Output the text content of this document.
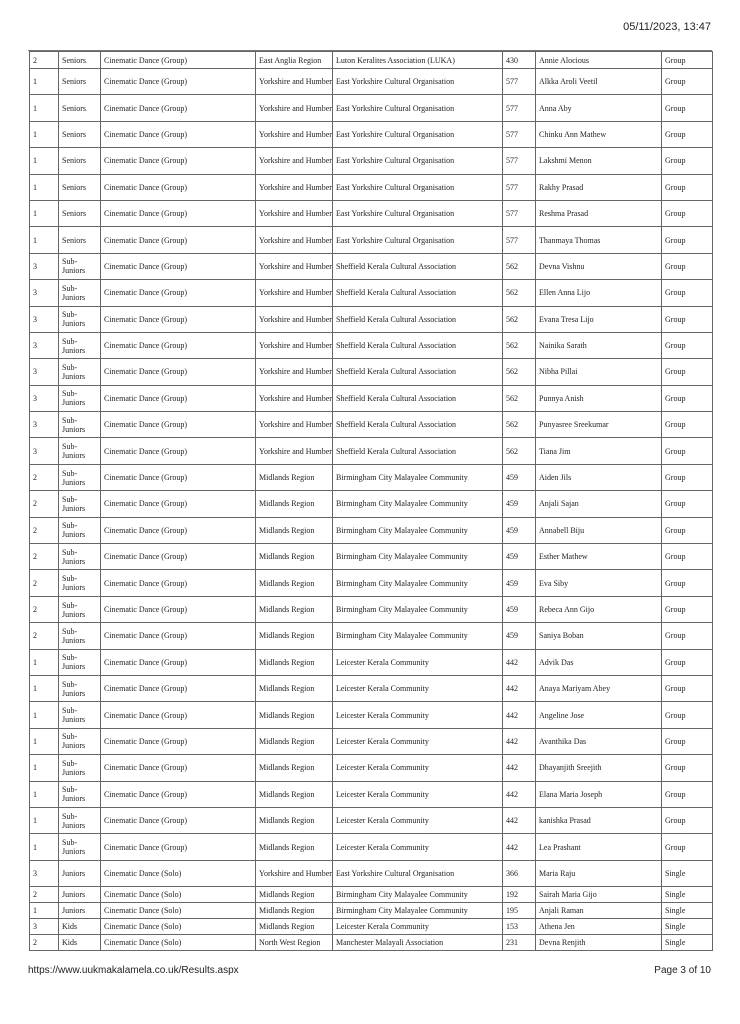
05/11/2023, 13:47
2	Seniors	Cinematic Dance (Group)	East Anglia Region	Luton Keralites Association (LUKA)	430	Annie Alocious	Group
1	Seniors	Cinematic Dance (Group)	Yorkshire and Humber	East Yorkshire Cultural Organisation	577	Alkka Aroli Veetil	Group
1	Seniors	Cinematic Dance (Group)	Yorkshire and Humber	East Yorkshire Cultural Organisation	577	Anna Aby	Group
1	Seniors	Cinematic Dance (Group)	Yorkshire and Humber	East Yorkshire Cultural Organisation	577	Chinku Ann Mathew	Group
1	Seniors	Cinematic Dance (Group)	Yorkshire and Humber	East Yorkshire Cultural Organisation	577	Lakshmi Menon	Group
1	Seniors	Cinematic Dance (Group)	Yorkshire and Humber	East Yorkshire Cultural Organisation	577	Rakhy Prasad	Group
1	Seniors	Cinematic Dance (Group)	Yorkshire and Humber	East Yorkshire Cultural Organisation	577	Reshma Prasad	Group
1	Seniors	Cinematic Dance (Group)	Yorkshire and Humber	East Yorkshire Cultural Organisation	577	Thanmaya Thomas	Group
3	Sub-Juniors	Cinematic Dance (Group)	Yorkshire and Humber	Sheffield Kerala Cultural Association	562	Devna Vishnu	Group
3	Sub-Juniors	Cinematic Dance (Group)	Yorkshire and Humber	Sheffield Kerala Cultural Association	562	Ellen Anna Lijo	Group
3	Sub-Juniors	Cinematic Dance (Group)	Yorkshire and Humber	Sheffield Kerala Cultural Association	562	Evana Tresa Lijo	Group
3	Sub-Juniors	Cinematic Dance (Group)	Yorkshire and Humber	Sheffield Kerala Cultural Association	562	Nainika Sarath	Group
3	Sub-Juniors	Cinematic Dance (Group)	Yorkshire and Humber	Sheffield Kerala Cultural Association	562	Nibha Pillai	Group
3	Sub-Juniors	Cinematic Dance (Group)	Yorkshire and Humber	Sheffield Kerala Cultural Association	562	Punnya Anish	Group
3	Sub-Juniors	Cinematic Dance (Group)	Yorkshire and Humber	Sheffield Kerala Cultural Association	562	Punyasree Sreekumar	Group
3	Sub-Juniors	Cinematic Dance (Group)	Yorkshire and Humber	Sheffield Kerala Cultural Association	562	Tiana Jim	Group
2	Sub-Juniors	Cinematic Dance (Group)	Midlands Region	Birmingham City Malayalee Community	459	Aiden Jils	Group
2	Sub-Juniors	Cinematic Dance (Group)	Midlands Region	Birmingham City Malayalee Community	459	Anjali Sajan	Group
2	Sub-Juniors	Cinematic Dance (Group)	Midlands Region	Birmingham City Malayalee Community	459	Annabell Biju	Group
2	Sub-Juniors	Cinematic Dance (Group)	Midlands Region	Birmingham City Malayalee Community	459	Esther Mathew	Group
2	Sub-Juniors	Cinematic Dance (Group)	Midlands Region	Birmingham City Malayalee Community	459	Eva Siby	Group
2	Sub-Juniors	Cinematic Dance (Group)	Midlands Region	Birmingham City Malayalee Community	459	Rebeca Ann Gijo	Group
2	Sub-Juniors	Cinematic Dance (Group)	Midlands Region	Birmingham City Malayalee Community	459	Saniya Boban	Group
1	Sub-Juniors	Cinematic Dance (Group)	Midlands Region	Leicester Kerala Community	442	Advik Das	Group
1	Sub-Juniors	Cinematic Dance (Group)	Midlands Region	Leicester Kerala Community	442	Anaya Mariyam Abey	Group
1	Sub-Juniors	Cinematic Dance (Group)	Midlands Region	Leicester Kerala Community	442	Angeline Jose	Group
1	Sub-Juniors	Cinematic Dance (Group)	Midlands Region	Leicester Kerala Community	442	Avanthika Das	Group
1	Sub-Juniors	Cinematic Dance (Group)	Midlands Region	Leicester Kerala Community	442	Dhayanjith Sreejith	Group
1	Sub-Juniors	Cinematic Dance (Group)	Midlands Region	Leicester Kerala Community	442	Elana Maria Joseph	Group
1	Sub-Juniors	Cinematic Dance (Group)	Midlands Region	Leicester Kerala Community	442	kanishka Prasad	Group
1	Sub-Juniors	Cinematic Dance (Group)	Midlands Region	Leicester Kerala Community	442	Lea Prashant	Group
3	Juniors	Cinematic Dance (Solo)	Yorkshire and Humber	East Yorkshire Cultural Organisation	366	Maria Raju	Single
2	Juniors	Cinematic Dance (Solo)	Midlands Region	Birmingham City Malayalee Community	192	Sairah Maria Gijo	Single
1	Juniors	Cinematic Dance (Solo)	Midlands Region	Birmingham City Malayalee Community	195	Anjali Raman	Single
3	Kids	Cinematic Dance (Solo)	Midlands Region	Leicester Kerala Community	153	Athena Jen	Single
2	Kids	Cinematic Dance (Solo)	North West Region	Manchester Malayali Association	231	Devna Renjith	Single
https://www.uukmakalamela.co.uk/Results.aspx	Page 3 of 10
